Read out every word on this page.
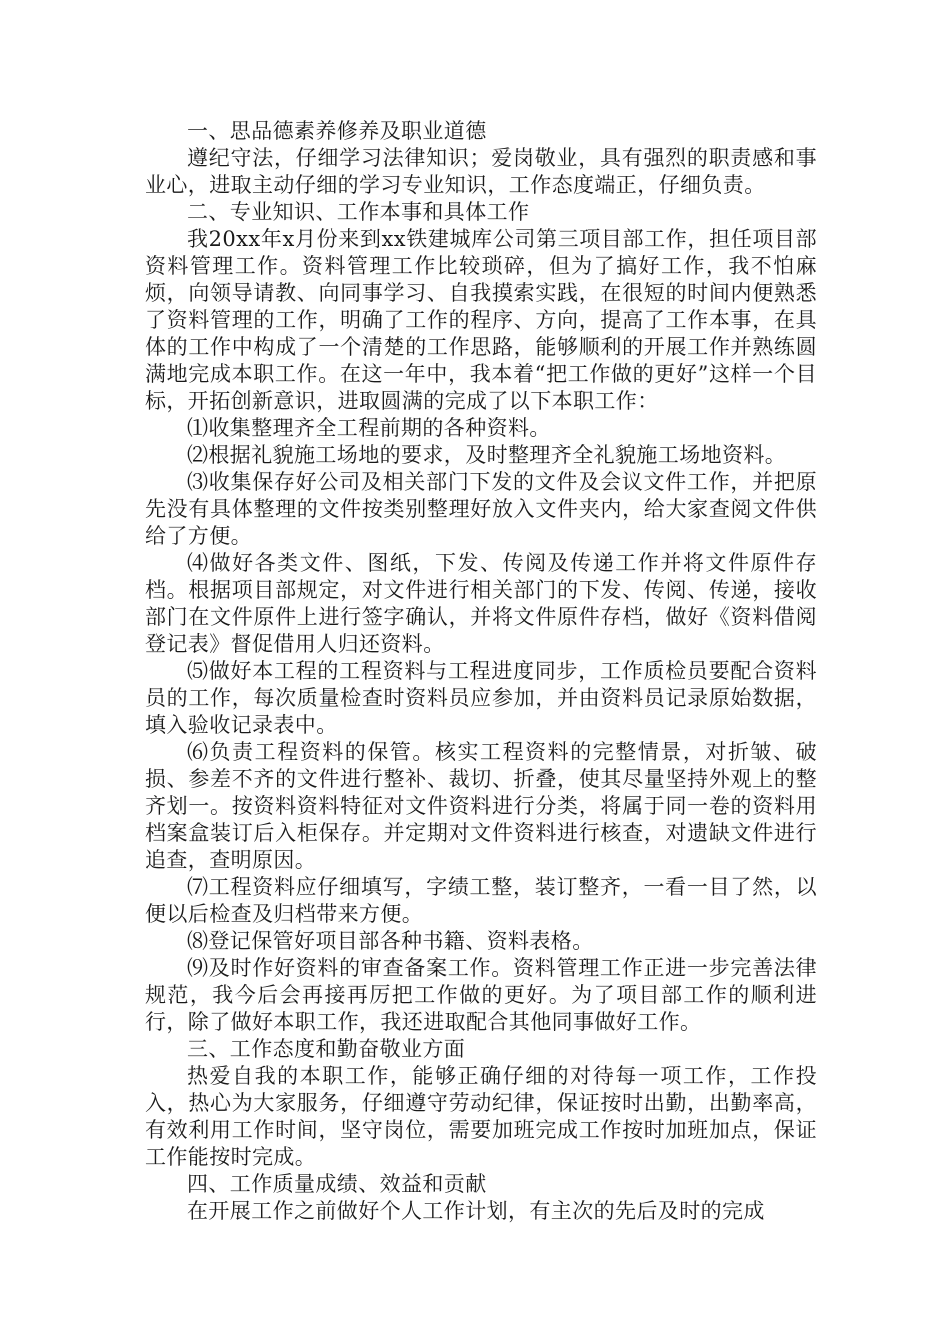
一、思品德素养修养及职业道德

遵纪守法，仔细学习法律知识；爱岗敬业，具有强烈的职责感和事业心，进取主动仔细的学习专业知识，工作态度端正，仔细负责。

二、专业知识、工作本事和具体工作

我20xx年x月份来到xx铁建城库公司第三项目部工作，担任项目部资料管理工作。资料管理工作比较琐碎，但为了搞好工作，我不怕麻烦，向领导请教、向同事学习、自我摸索实践，在很短的时间内便熟悉了资料管理的工作，明确了工作的程序、方向，提高了工作本事，在具体的工作中构成了一个清楚的工作思路，能够顺利的开展工作并熟练圆满地完成本职工作。在这一年中，我本着“把工作做的更好”这样一个目标，开拓创新意识，进取圆满的完成了以下本职工作：

⑴收集整理齐全工程前期的各种资料。

⑵根据礼貌施工场地的要求，及时整理齐全礼貌施工场地资料。

⑶收集保存好公司及相关部门下发的文件及会议文件工作，并把原先没有具体整理的文件按类别整理好放入文件夹内，给大家查阅文件供给了方便。

⑷做好各类文件、图纸，下发、传阅及传递工作并将文件原件存档。根据项目部规定，对文件进行相关部门的下发、传阅、传递，接收部门在文件原件上进行签字确认，并将文件原件存档，做好《资料借阅登记表》督促借用人归还资料。

⑸做好本工程的工程资料与工程进度同步，工作质检员要配合资料员的工作，每次质量检查时资料员应参加，并由资料员记录原始数据，填入验收记录表中。

⑹负责工程资料的保管。核实工程资料的完整情景，对折皱、破损、参差不齐的文件进行整补、裁切、折叠，使其尽量坚持外观上的整齐划一。按资料资料特征对文件资料进行分类，将属于同一卷的资料用档案盒装订后入柜保存。并定期对文件资料进行核查，对遗缺文件进行追查，查明原因。

⑺工程资料应仔细填写，字绩工整，装订整齐，一看一目了然，以便以后检查及归档带来方便。

⑻登记保管好项目部各种书籍、资料表格。

⑼及时作好资料的审查备案工作。资料管理工作正进一步完善法律规范，我今后会再接再厉把工作做的更好。为了项目部工作的顺利进行，除了做好本职工作，我还进取配合其他同事做好工作。

三、工作态度和勤奋敬业方面

热爱自我的本职工作，能够正确仔细的对待每一项工作，工作投入，热心为大家服务，仔细遵守劳动纪律，保证按时出勤，出勤率高，有效利用工作时间，坚守岗位，需要加班完成工作按时加班加点，保证工作能按时完成。

四、工作质量成绩、效益和贡献

在开展工作之前做好个人工作计划，有主次的先后及时的完成
